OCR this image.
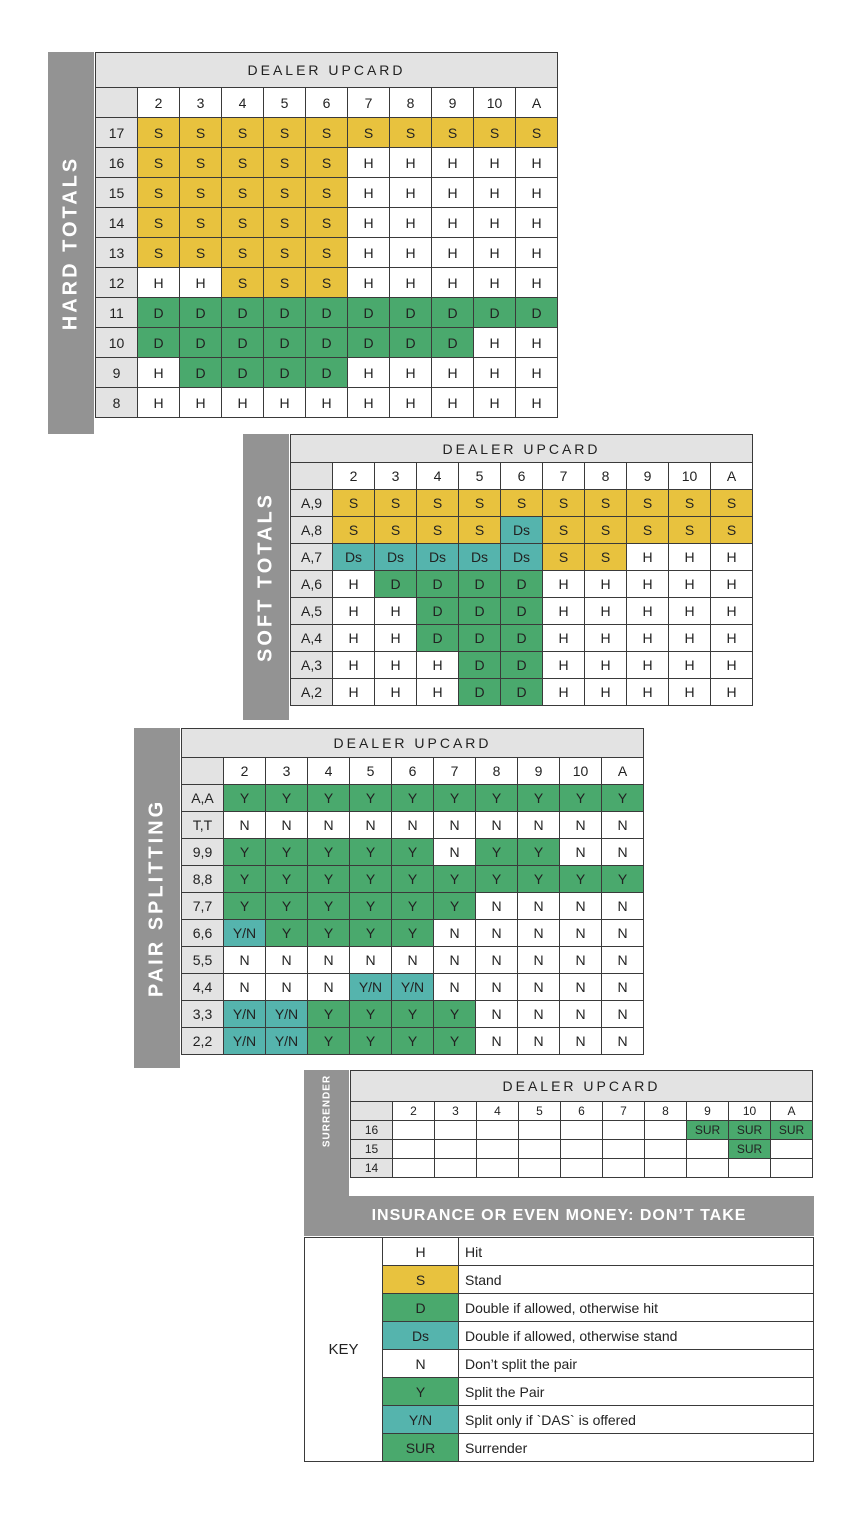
HARD TOTALS
DEALER UPCARD										
	2	3	4	5	6	7	8	9	10	A
17	S	S	S	S	S	S	S	S	S	S
16	S	S	S	S	S	H	H	H	H	H
15	S	S	S	S	S	H	H	H	H	H
14	S	S	S	S	S	H	H	H	H	H
13	S	S	S	S	S	H	H	H	H	H
12	H	H	S	S	S	H	H	H	H	H
11	D	D	D	D	D	D	D	D	D	D
10	D	D	D	D	D	D	D	D	H	H
9	H	D	D	D	D	H	H	H	H	H
8	H	H	H	H	H	H	H	H	H	H
SOFT TOTALS
DEALER UPCARD										
	2	3	4	5	6	7	8	9	10	A
A,9	S	S	S	S	S	S	S	S	S	S
A,8	S	S	S	S	Ds	S	S	S	S	S
A,7	Ds	Ds	Ds	Ds	Ds	S	S	H	H	H
A,6	H	D	D	D	D	H	H	H	H	H
A,5	H	H	D	D	D	H	H	H	H	H
A,4	H	H	D	D	D	H	H	H	H	H
A,3	H	H	H	D	D	H	H	H	H	H
A,2	H	H	H	D	D	H	H	H	H	H
PAIR SPLITTING
DEALER UPCARD										
	2	3	4	5	6	7	8	9	10	A
A,A	Y	Y	Y	Y	Y	Y	Y	Y	Y	Y
T,T	N	N	N	N	N	N	N	N	N	N
9,9	Y	Y	Y	Y	Y	N	Y	Y	N	N
8,8	Y	Y	Y	Y	Y	Y	Y	Y	Y	Y
7,7	Y	Y	Y	Y	Y	Y	N	N	N	N
6,6	Y/N	Y	Y	Y	Y	N	N	N	N	N
5,5	N	N	N	N	N	N	N	N	N	N
4,4	N	N	N	Y/N	Y/N	N	N	N	N	N
3,3	Y/N	Y/N	Y	Y	Y	Y	N	N	N	N
2,2	Y/N	Y/N	Y	Y	Y	Y	N	N	N	N
SURRENDER	DEALER UPCARD										
	2	3	4	5	6	7	8	9	10	A
16								SUR	SUR	SUR
15									SUR	
14										
INSURANCE OR EVEN MONEY: DON’T TAKE
KEY	H	Hit
	S	Stand
	D	Double if allowed, otherwise hit
	Ds	Double if allowed, otherwise stand
	N	Don’t split the pair
	Y	Split the Pair
	Y/N	Split only if `DAS` is offered
	SUR	Surrender
